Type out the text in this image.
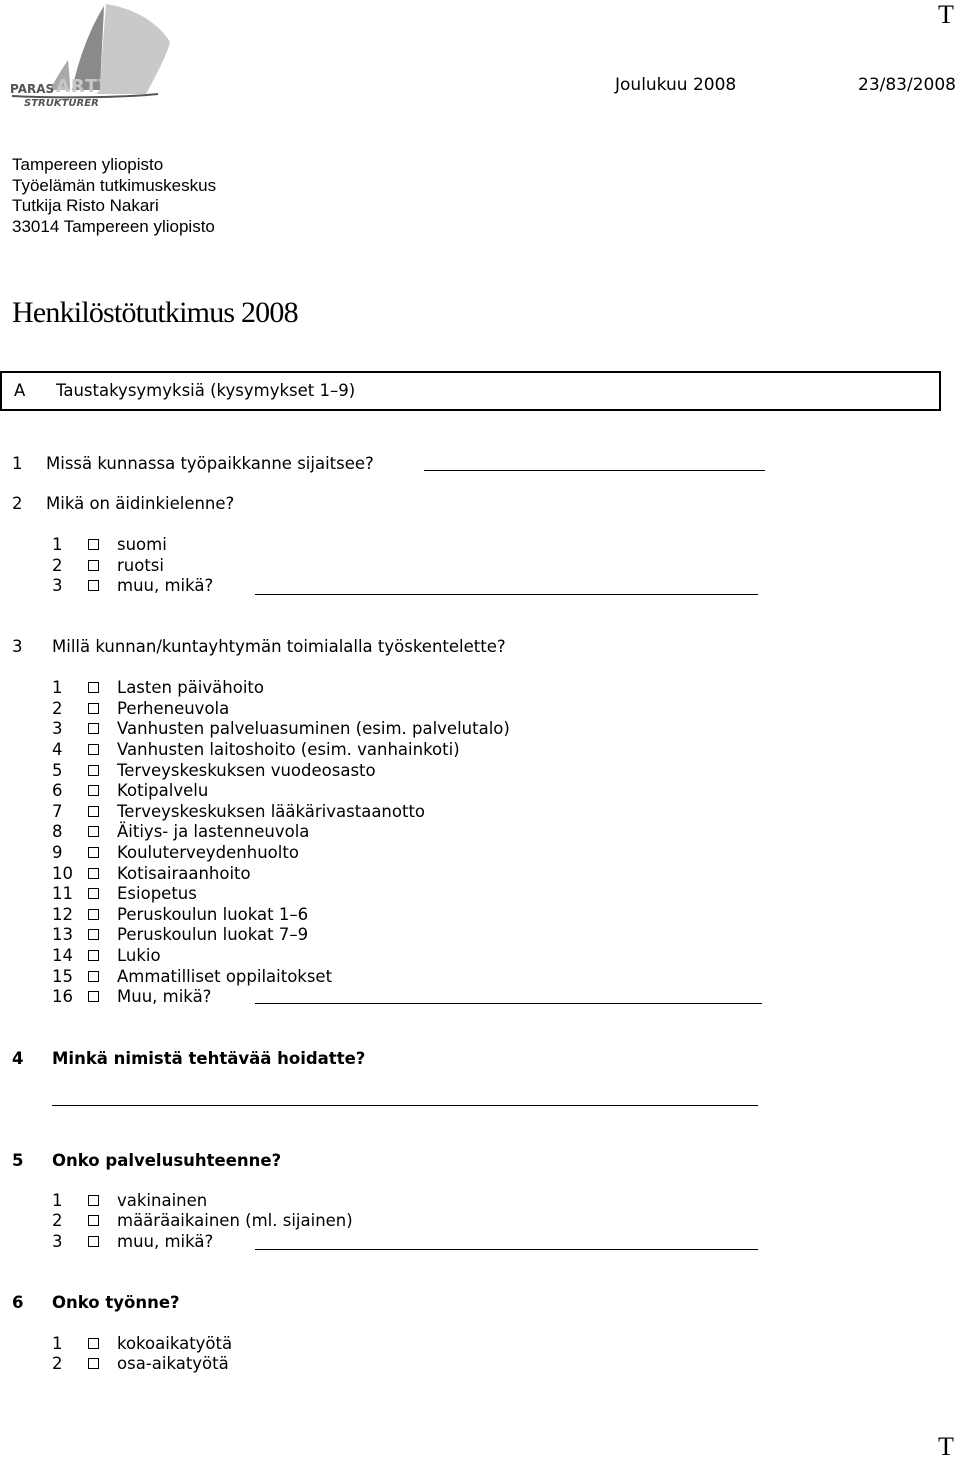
T
T
PARAS ARTTU
STRUKTURER
Joulukuu 2008	23/83/2008
Tampereen yliopisto
Työelämän tutkimuskeskus
Tutkija Risto Nakari
33014 Tampereen yliopisto
Henkilöstötutkimus 2008
A Taustakysymyksiä (kysymykset 1–9)
1 Missä kunnassa työpaikkanne sijaitsee?
2 Mikä on äidinkielenne?
1	suomi
2	ruotsi
3	muu, mikä?
3 Millä kunnan/kuntayhtymän toimialalla työskentelette?
1	Lasten päivähoito
2	Perheneuvola
3	Vanhusten palveluasuminen (esim. palvelutalo)
4	Vanhusten laitoshoito (esim. vanhainkoti)
5	Terveyskeskuksen vuodeosasto
6	Kotipalvelu
7	Terveyskeskuksen lääkärivastaanotto
8	Äitiys- ja lastenneuvola
9	Kouluterveydenhuolto
10	Kotisairaanhoito
11	Esiopetus
12	Peruskoulun luokat 1–6
13	Peruskoulun luokat 7–9
14	Lukio
15	Ammatilliset oppilaitokset
16	Muu, mikä?
4 Minkä nimistä tehtävää hoidatte?
5 Onko palvelusuhteenne?
1	vakinainen
2	määräaikainen (ml. sijainen)
3	muu, mikä?
6 Onko työnne?
1	kokoaikatyötä
2	osa-aikatyötä
